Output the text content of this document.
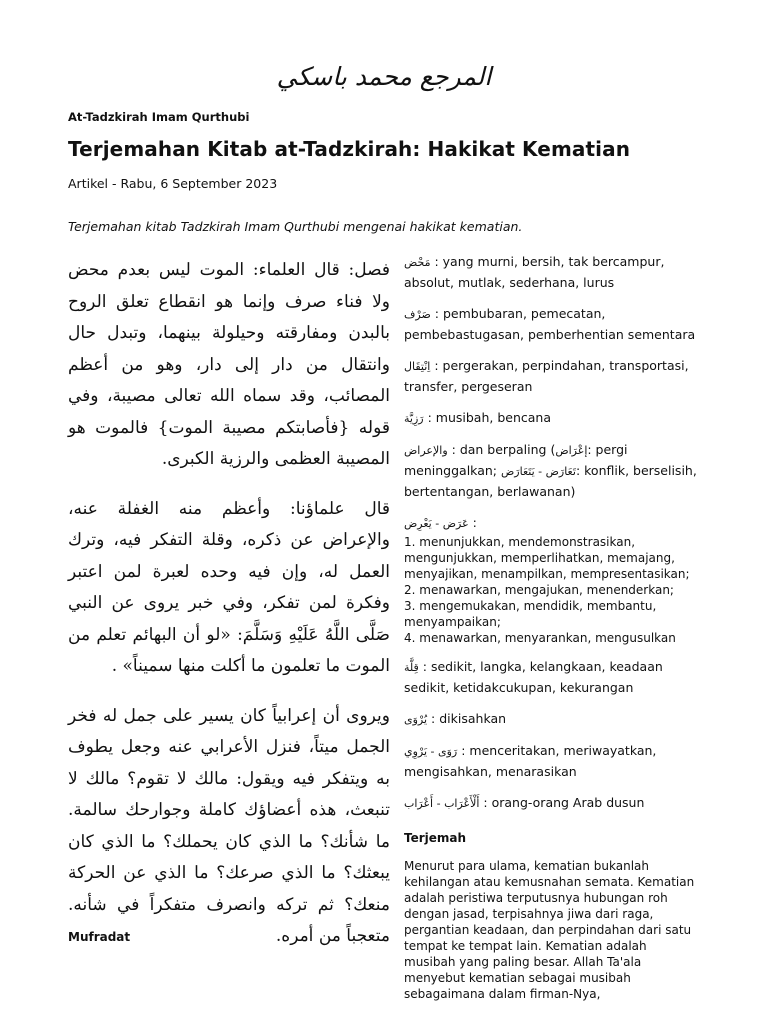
المرجع محمد باسكي
At-Tadzkirah Imam Qurthubi
Terjemahan Kitab at-Tadzkirah: Hakikat Kematian
Artikel - Rabu, 6 September 2023
Terjemahan kitab Tadzkirah Imam Qurthubi mengenai hakikat kematian.

فصل: قال العلماء: الموت ليس بعدم محض ولا فناء صرف وإنما هو انقطاع تعلق الروح بالبدن ومفارقته وحيلولة بينهما، وتبدل حال وانتقال من دار إلى دار، وهو من أعظم المصائب، وقد سماه الله تعالى مصيبة، وفي قوله {فأصابتكم مصيبة الموت} فالموت هو المصيبة العظمى والرزية الكبرى.

قال علماؤنا: وأعظم منه الغفلة عنه، والإعراض عن ذكره، وقلة التفكر فيه، وترك العمل له، وإن فيه وحده لعبرة لمن اعتبر وفكرة لمن تفكر، وفي خبر يروى عن النبي صَلَّى اللَّهُ عَلَيْهِ وَسَلَّمَ: «لو أن البهائم تعلم من الموت ما تعلمون ما أكلت منها سميناً» .

ويروى أن إعرابياً كان يسير على جمل له فخر الجمل ميتاً، فنزل الأعرابي عنه وجعل يطوف به ويتفكر فيه ويقول: مالك لا تقوم؟ مالك لا تنبعث، هذه أعضاؤك كاملة وجوارحك سالمة. ما شأنك؟ ما الذي كان يحملك؟ ما الذي كان يبعثك؟ ما الذي صرعك؟ ما الذي عن الحركة منعك؟ ثم تركه وانصرف متفكراً في شأنه. متعجباً من أمره.

Mufradat
مَحْض : yang murni, bersih, tak bercampur, absolut, mutlak, sederhana, lurus
صَرْف : pembubaran, pemecatan, pembebastugasan, pemberhentian sementara
اِنْتِقَال : pergerakan, perpindahan, transportasi, transfer, pergeseran
رَزِيَّة : musibah, bencana
والإعراض : dan berpaling (إعْرَاض: pergi meninggalkan; تَعَارَض - يَتَعَارَض: konflik, berselisih, bertentangan, berlawanan)
عَرَض - يَعْرِض :
1. menunjukkan, mendemonstrasikan, mengunjukkan, memperlihatkan, memajang, menyajikan, menampilkan, mempresentasikan;
2. menawarkan, mengajukan, menenderkan;
3. mengemukakan, mendidik, membantu, menyampaikan;
4. menawarkan, menyarankan, mengusulkan
قِلَّة : sedikit, langka, kelangkaan, keadaan sedikit, ketidakcukupan, kekurangan
يُرْوَى : dikisahkan
رَوَى - يَرْوِي : menceritakan, meriwayatkan, mengisahkan, menarasikan
أَلْأَعْرَاب - أَعْرَاب : orang-orang Arab dusun
Terjemah

Menurut para ulama, kematian bukanlah kehilangan atau kemusnahan semata. Kematian adalah peristiwa terputusnya hubungan roh dengan jasad, terpisahnya jiwa dari raga, pergantian keadaan, dan perpindahan dari satu tempat ke tempat lain. Kematian adalah musibah yang paling besar. Allah Ta'ala menyebut kematian sebagai musibah sebagaimana dalam firman-Nya,
